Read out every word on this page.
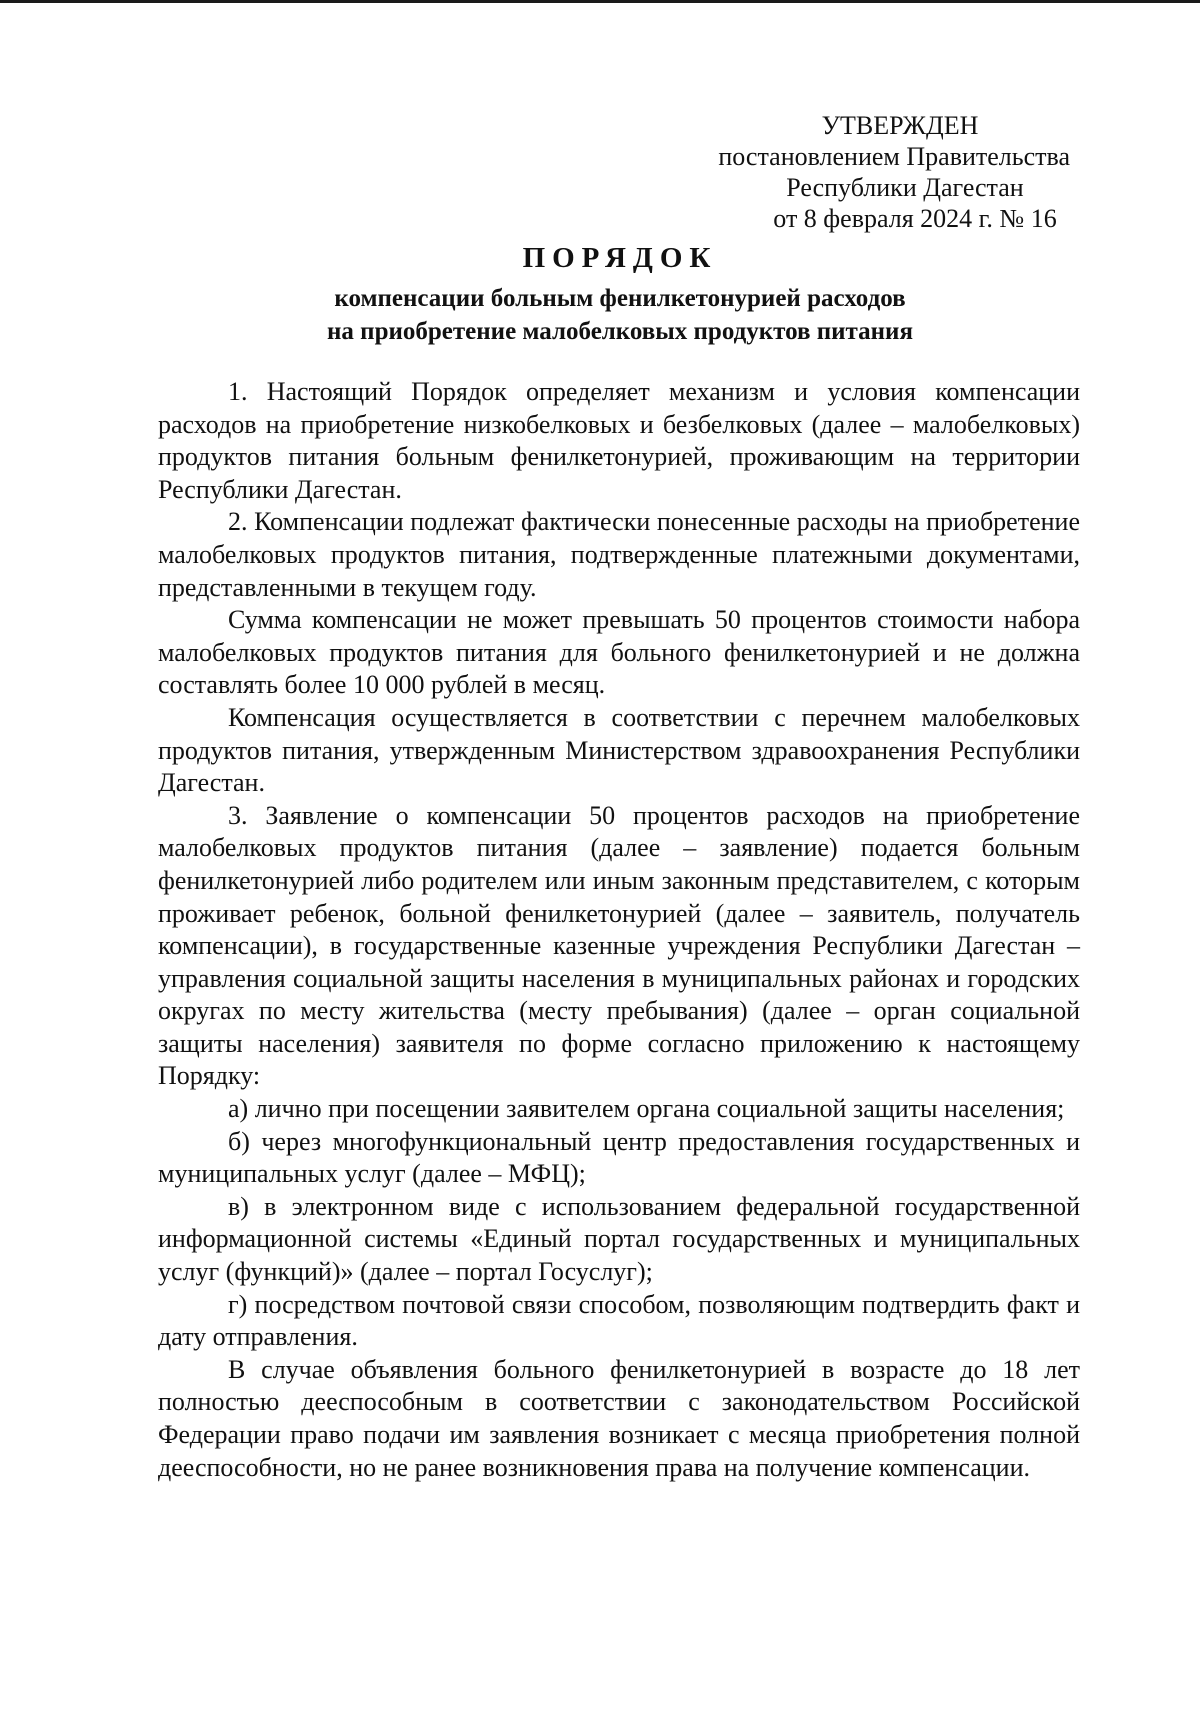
УТВЕРЖДЕН
постановлением Правительства
Республики Дагестан
от 8 февраля 2024 г. № 16
ПОРЯДОК
компенсации больным фенилкетонурией расходов
на приобретение малобелковых продуктов питания

1. Настоящий Порядок определяет механизм и условия компенсации расходов на приобретение низкобелковых и безбелковых (далее – малобелковых) продуктов питания больным фенилкетонурией, проживающим на территории Республики Дагестан.

2. Компенсации подлежат фактически понесенные расходы на приобретение малобелковых продуктов питания, подтвержденные платежными документами, представленными в текущем году.

Сумма компенсации не может превышать 50 процентов стоимости набора малобелковых продуктов питания для больного фенилкетонурией и не должна составлять более 10 000 рублей в месяц.

Компенсация осуществляется в соответствии с перечнем малобелковых продуктов питания, утвержденным Министерством здравоохранения Республики Дагестан.

3. Заявление о компенсации 50 процентов расходов на приобретение малобелковых продуктов питания (далее – заявление) подается больным фенилкетонурией либо родителем или иным законным представителем, с которым проживает ребенок, больной фенилкетонурией (далее – заявитель, получатель компенсации), в государственные казенные учреждения Республики Дагестан – управления социальной защиты населения в муниципальных районах и городских округах по месту жительства (месту пребывания) (далее – орган социальной защиты населения) заявителя по форме согласно приложению к настоящему Порядку:

а) лично при посещении заявителем органа социальной защиты населения;

б) через многофункциональный центр предоставления государственных и муниципальных услуг (далее – МФЦ);

в) в электронном виде с использованием федеральной государственной информационной системы «Единый портал государственных и муниципальных услуг (функций)» (далее – портал Госуслуг);

г) посредством почтовой связи способом, позволяющим подтвердить факт и дату отправления.

В случае объявления больного фенилкетонурией в возрасте до 18 лет полностью дееспособным в соответствии с законодательством Российской Федерации право подачи им заявления возникает с месяца приобретения полной дееспособности, но не ранее возникновения права на получение компенсации.
